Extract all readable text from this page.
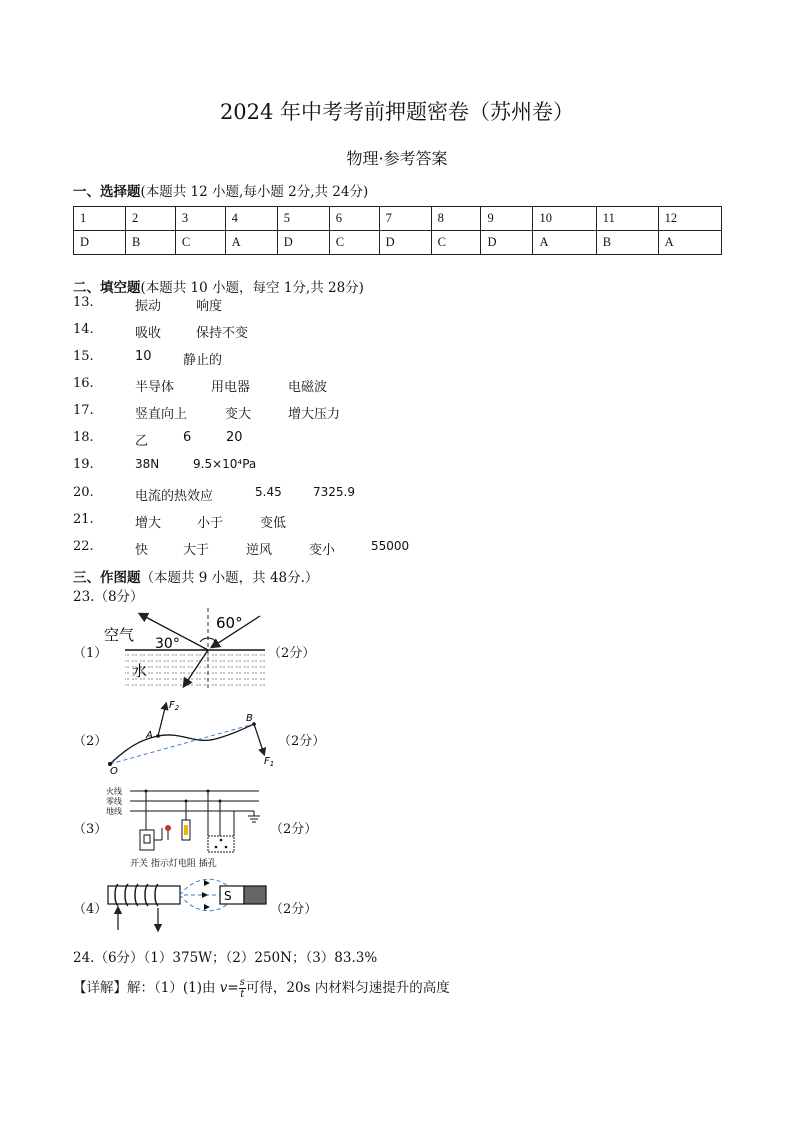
2024 年中考考前押题密卷（苏州卷）
物理·参考答案
一、选择题(本题共 12 小题,每小题 2分,共 24分)
1	2	3	4	5	6	7	8	9	10	11	12
D	B	C	A	D	C	D	C	D	A	B	A
二、填空题(本题共 10 小题，每空 1分,共 28分)
13.	振动	响度
14.	吸收	保持不变
15.	10 静止的
16.	半导体	用电器	电磁波
17.	竖直向上	变大	增大压力
18.	乙	6	20
19.	38N	9.5×10⁴Pa
20.	电流的热效应	5.45	7325.9
21.	增大	小于	变低
22.	快	大于	逆风	变小	55000
三、作图题（本题共 9 小题，共 48分.）
23.（8分）
（1）
空气
水
30°
60°
（2分）
（2）
$F_2$
$F_1$
A
B
O
（2分）
（3）
火线
零线
地线
开关 指示灯电阻 插孔
（2分）
（4）
S
（2分）
24.（6分）（1）375W；（2）250N；（3）83.3%
【详解】解：（1）(1)由 $v= \frac{s}{t}$ 可得，20s 内材料匀速提升的高度
